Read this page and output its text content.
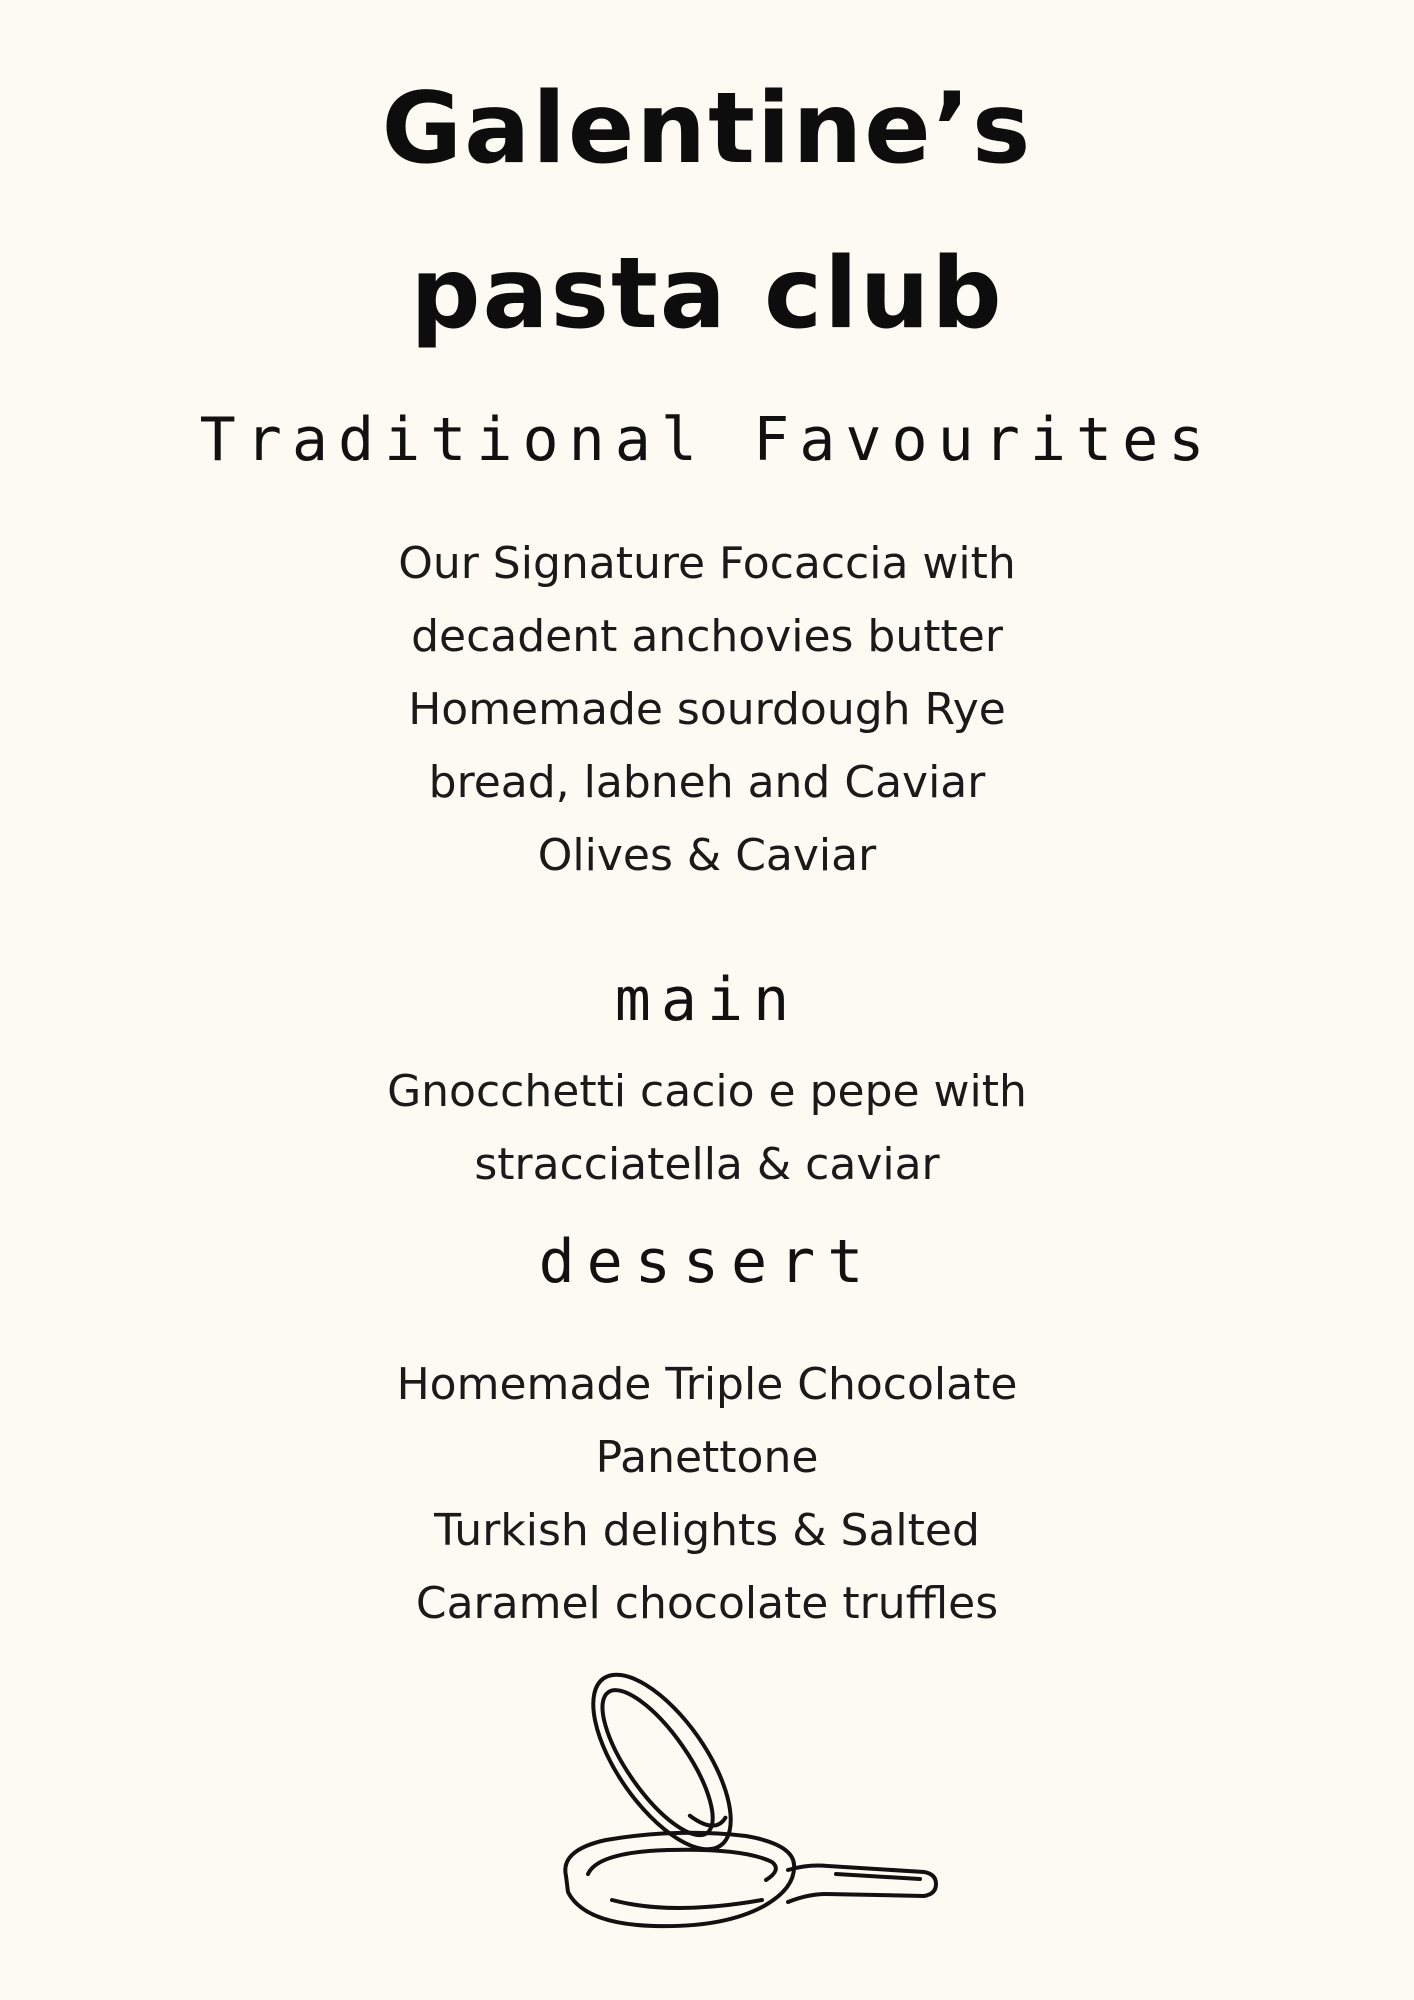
Galentine’s
pasta club
Traditional Favourites
Our Signature Focaccia with
decadent anchovies butter
Homemade sourdough Rye
bread, labneh and Caviar
Olives & Caviar
main
Gnocchetti cacio e pepe with
stracciatella & caviar
dessert
Homemade Triple Chocolate
Panettone
Turkish delights & Salted
Caramel chocolate truffles
